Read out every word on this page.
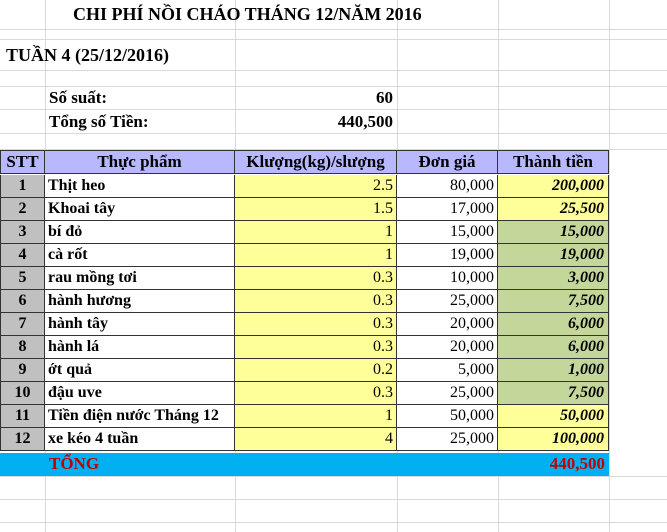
CHI PHÍ NỒI CHÁO THÁNG 12/NĂM 2016
TUẦN 4 (25/12/2016)
Số suất:	60
Tổng số Tiền:	440,500
STT	Thực phẩm	Klượng(kg)/slượng	Đơn giá	Thành tiền
1	Thịt heo	2.5	80,000	200,000
2	Khoai tây	1.5	17,000	25,500
3	bí đỏ	1	15,000	15,000
4	cà rốt	1	19,000	19,000
5	rau mồng tơi	0.3	10,000	3,000
6	hành hương	0.3	25,000	7,500
7	hành tây	0.3	20,000	6,000
8	hành lá	0.3	20,000	6,000
9	ớt quả	0.2	5,000	1,000
10	đậu uve	0.3	25,000	7,500
11	Tiền điện nước Tháng 12	1	50,000	50,000
12	xe kéo 4 tuần	4	25,000	100,000
TỔNG	440,500
